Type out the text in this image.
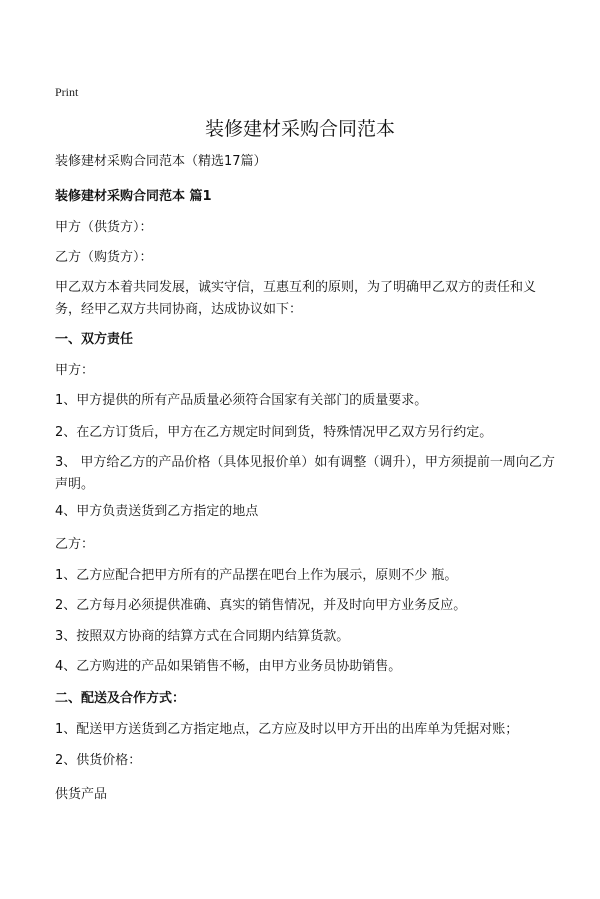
Print
装修建材采购合同范本
装修建材采购合同范本（精选17篇）
装修建材采购合同范本 篇1
甲方（供货方）：
乙方（购货方）：
甲乙双方本着共同发展，诚实守信，互惠互利的原则，为了明确甲乙双方的责任和义务，经甲乙双方共同协商，达成协议如下：
一、双方责任
甲方：
1、甲方提供的所有产品质量必须符合国家有关部门的质量要求。
2、在乙方订货后，甲方在乙方规定时间到货，特殊情况甲乙双方另行约定。
3、 甲方给乙方的产品价格（具体见报价单）如有调整（调升），甲方须提前一周向乙方声明。
4、甲方负责送货到乙方指定的地点
乙方：
1、乙方应配合把甲方所有的产品摆在吧台上作为展示，原则不少 瓶。
2、乙方每月必须提供准确、真实的销售情况，并及时向甲方业务反应。
3、按照双方协商的结算方式在合同期内结算货款。
4、乙方购进的产品如果销售不畅，由甲方业务员协助销售。
二、配送及合作方式：
1、配送甲方送货到乙方指定地点，乙方应及时以甲方开出的出库单为凭据对账；
2、供货价格：
供货产品
